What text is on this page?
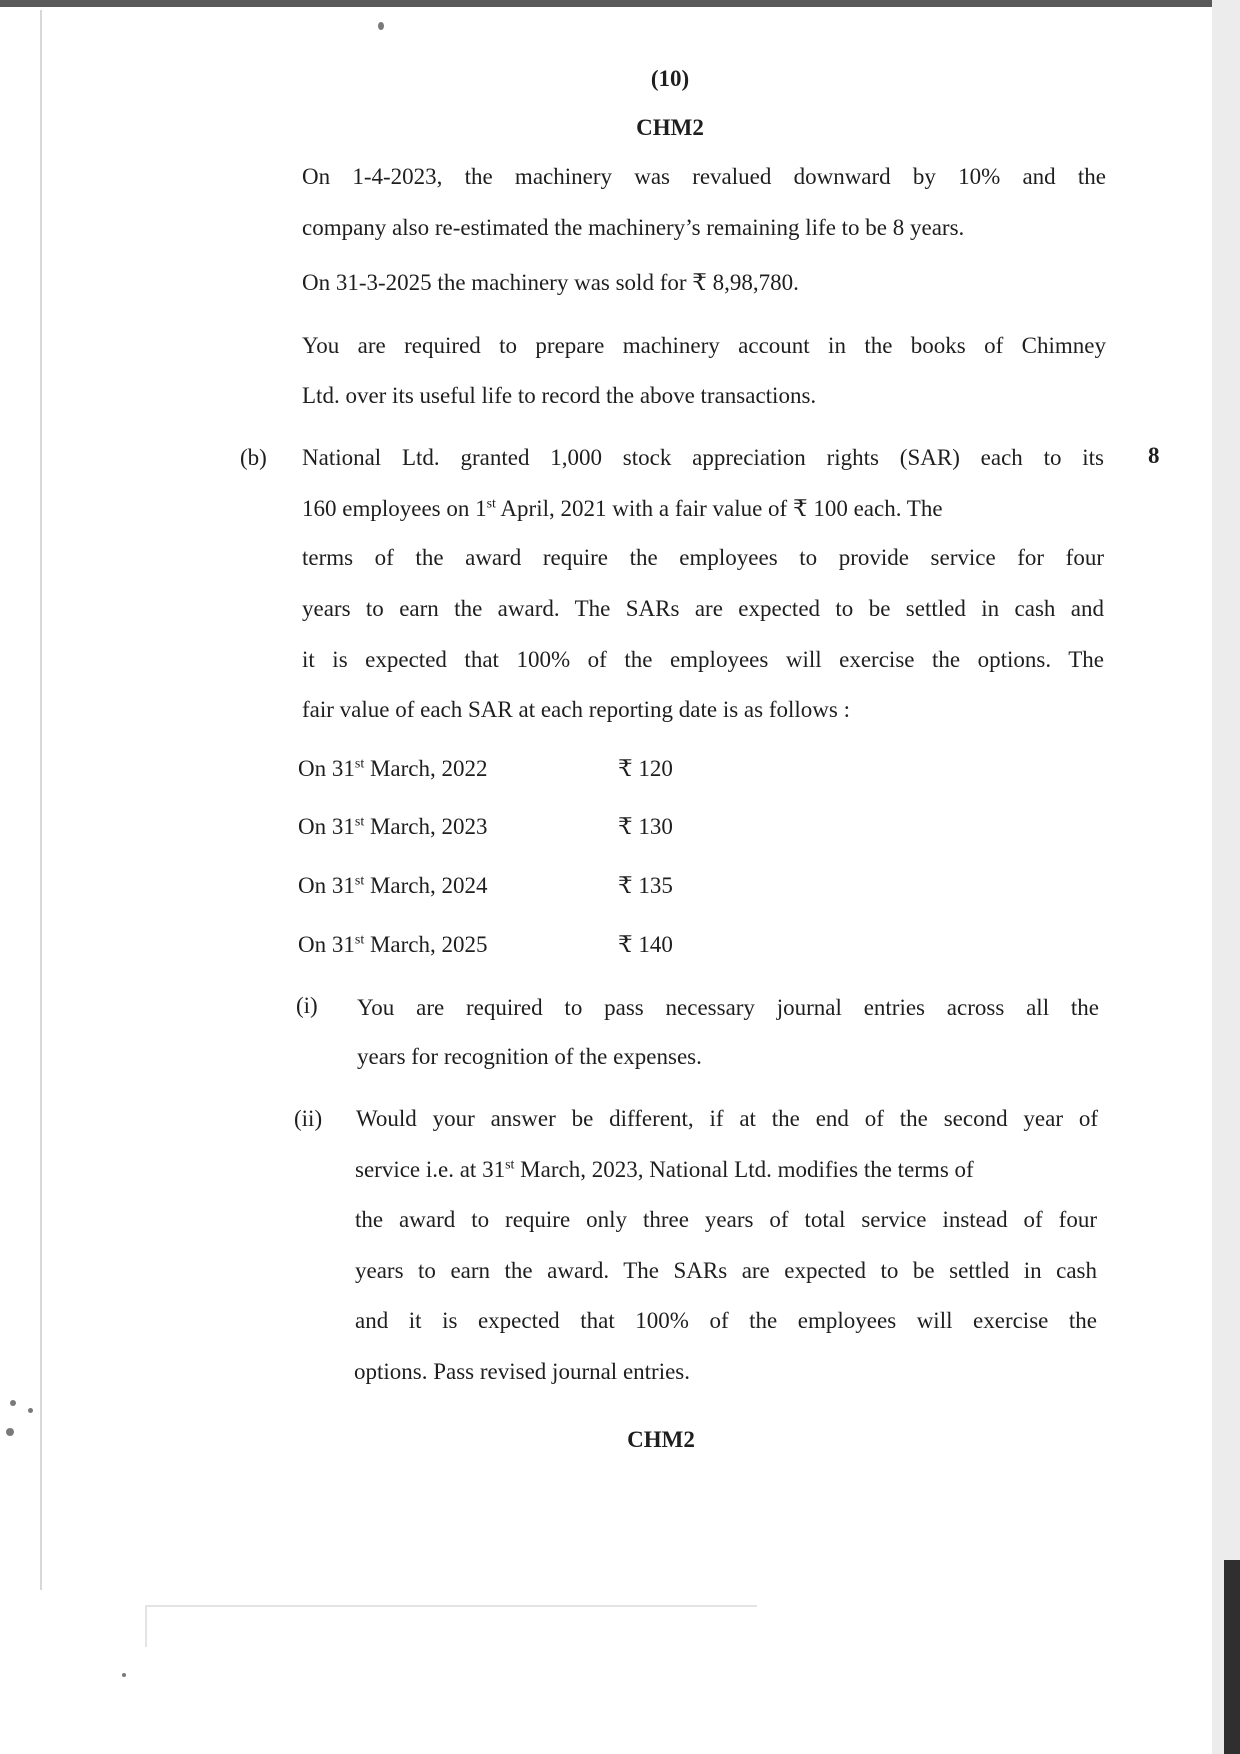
(10)
CHM2
On 1-4-2023, the machinery was revalued downward by 10% and the
company also re-estimated the machinery’s remaining life to be 8 years.
On 31-3-2025 the machinery was sold for ₹ 8,98,780.
You are required to prepare machinery account in the books of Chimney
Ltd. over its useful life to record the above transactions.
(b)	8
National Ltd. granted 1,000 stock appreciation rights (SAR) each to its
160 employees on 1st April, 2021 with a fair value of ₹ 100 each. The
terms of the award require the employees to provide service for four
years to earn the award. The SARs are expected to be settled in cash and
it is expected that 100% of the employees will exercise the options. The
fair value of each SAR at each reporting date is as follows :
On 31st March, 2022	₹ 120
On 31st March, 2023	₹ 130
On 31st March, 2024	₹ 135
On 31st March, 2025	₹ 140
(i) You are required to pass necessary journal entries across all the
years for recognition of the expenses.
(ii) Would your answer be different, if at the end of the second year of
service i.e. at 31st March, 2023, National Ltd. modifies the terms of
the award to require only three years of total service instead of four
years to earn the award. The SARs are expected to be settled in cash
and it is expected that 100% of the employees will exercise the
options. Pass revised journal entries.
CHM2
